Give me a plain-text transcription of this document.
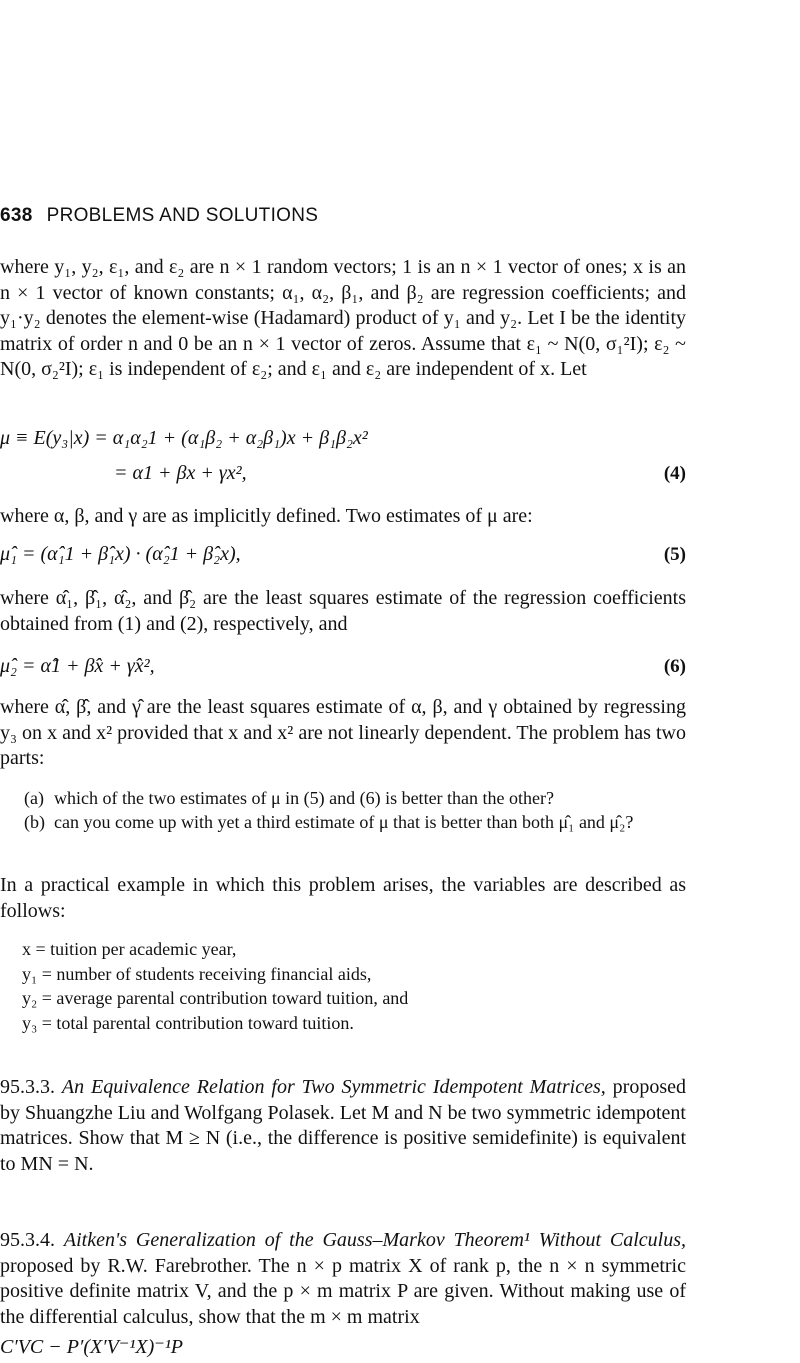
638 PROBLEMS AND SOLUTIONS
where y₁, y₂, ε₁, and ε₂ are n × 1 random vectors; 1 is an n × 1 vector of ones; x is an n × 1 vector of known constants; α₁, α₂, β₁, and β₂ are regression coefficients; and y₁·y₂ denotes the element-wise (Hadamard) product of y₁ and y₂. Let I be the identity matrix of order n and 0 be an n × 1 vector of zeros. Assume that ε₁ ~ N(0, σ₁²I); ε₂ ~ N(0, σ₂²I); ε₁ is independent of ε₂; and ε₁ and ε₂ are independent of x. Let
μ ≡ E(y₃|x) = α₁α₂1 + (α₁β₂ + α₂β₁)x + β₁β₂x²
= α1 + βx + γx²,	(4)
where α, β, and γ are as implicitly defined. Two estimates of μ are:
μ̂₁ = (α̂₁1 + β̂₁x) · (α̂₂1 + β̂₂x),	(5)
where α̂₁, β̂₁, α̂₂, and β̂₂ are the least squares estimate of the regression coefficients obtained from (1) and (2), respectively, and
μ̂₂ = α̂1 + β̂x + γ̂x²,	(6)
where α̂, β̂, and γ̂ are the least squares estimate of α, β, and γ obtained by regressing y₃ on x and x² provided that x and x² are not linearly dependent. The problem has two parts:
(a) which of the two estimates of μ in (5) and (6) is better than the other?
(b) can you come up with yet a third estimate of μ that is better than both μ̂₁ and μ̂₂?
In a practical example in which this problem arises, the variables are described as follows:
x = tuition per academic year,
y₁ = number of students receiving financial aids,
y₂ = average parental contribution toward tuition, and
y₃ = total parental contribution toward tuition.
95.3.3. An Equivalence Relation for Two Symmetric Idempotent Matrices, proposed by Shuangzhe Liu and Wolfgang Polasek. Let M and N be two symmetric idempotent matrices. Show that M ≥ N (i.e., the difference is positive semidefinite) is equivalent to MN = N.
95.3.4. Aitken's Generalization of the Gauss–Markov Theorem¹ Without Calculus, proposed by R.W. Farebrother. The n × p matrix X of rank p, the n × n symmetric positive definite matrix V, and the p × m matrix P are given. Without making use of the differential calculus, show that the m × m matrix
C′VC − P′(X′V⁻¹X)⁻¹P
